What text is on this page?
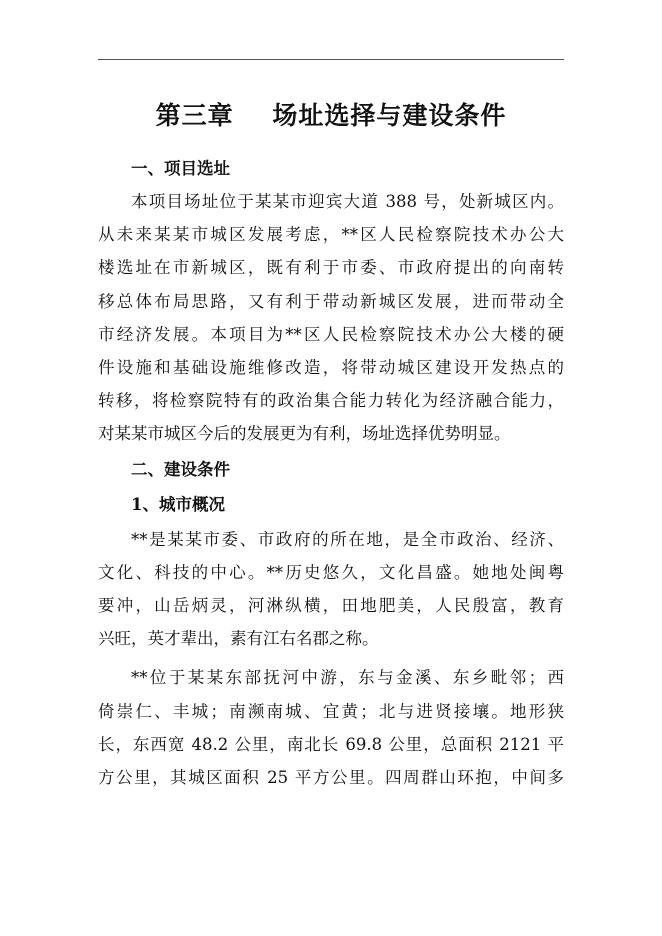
第三章    场址选择与建设条件
一、项目选址

本项目场址位于某某市迎宾大道 388 号，处新城区内。
从未来某某市城区发展考虑，**区人民检察院技术办公大
楼选址在市新城区，既有利于市委、市政府提出的向南转
移总体布局思路，又有利于带动新城区发展，进而带动全
市经济发展。本项目为**区人民检察院技术办公大楼的硬
件设施和基础设施维修改造，将带动城区建设开发热点的
转移，将检察院特有的政治集合能力转化为经济融合能力，
对某某市城区今后的发展更为有利，场址选择优势明显。

二、建设条件
1、城市概况

**是某某市委、市政府的所在地，是全市政治、经济、
文化、科技的中心。**历史悠久，文化昌盛。她地处闽粤
要冲，山岳炳灵，河淋纵横，田地肥美，人民殷富，教育
兴旺，英才辈出，素有江右名郡之称。

**位于某某东部抚河中游，东与金溪、东乡毗邻；西
倚崇仁、丰城；南濒南城、宜黄；北与进贤接壤。地形狭
长，东西宽 48.2 公里，南北长 69.8 公里，总面积 2121 平
方公里，其城区面积 25 平方公里。四周群山环抱，中间多
